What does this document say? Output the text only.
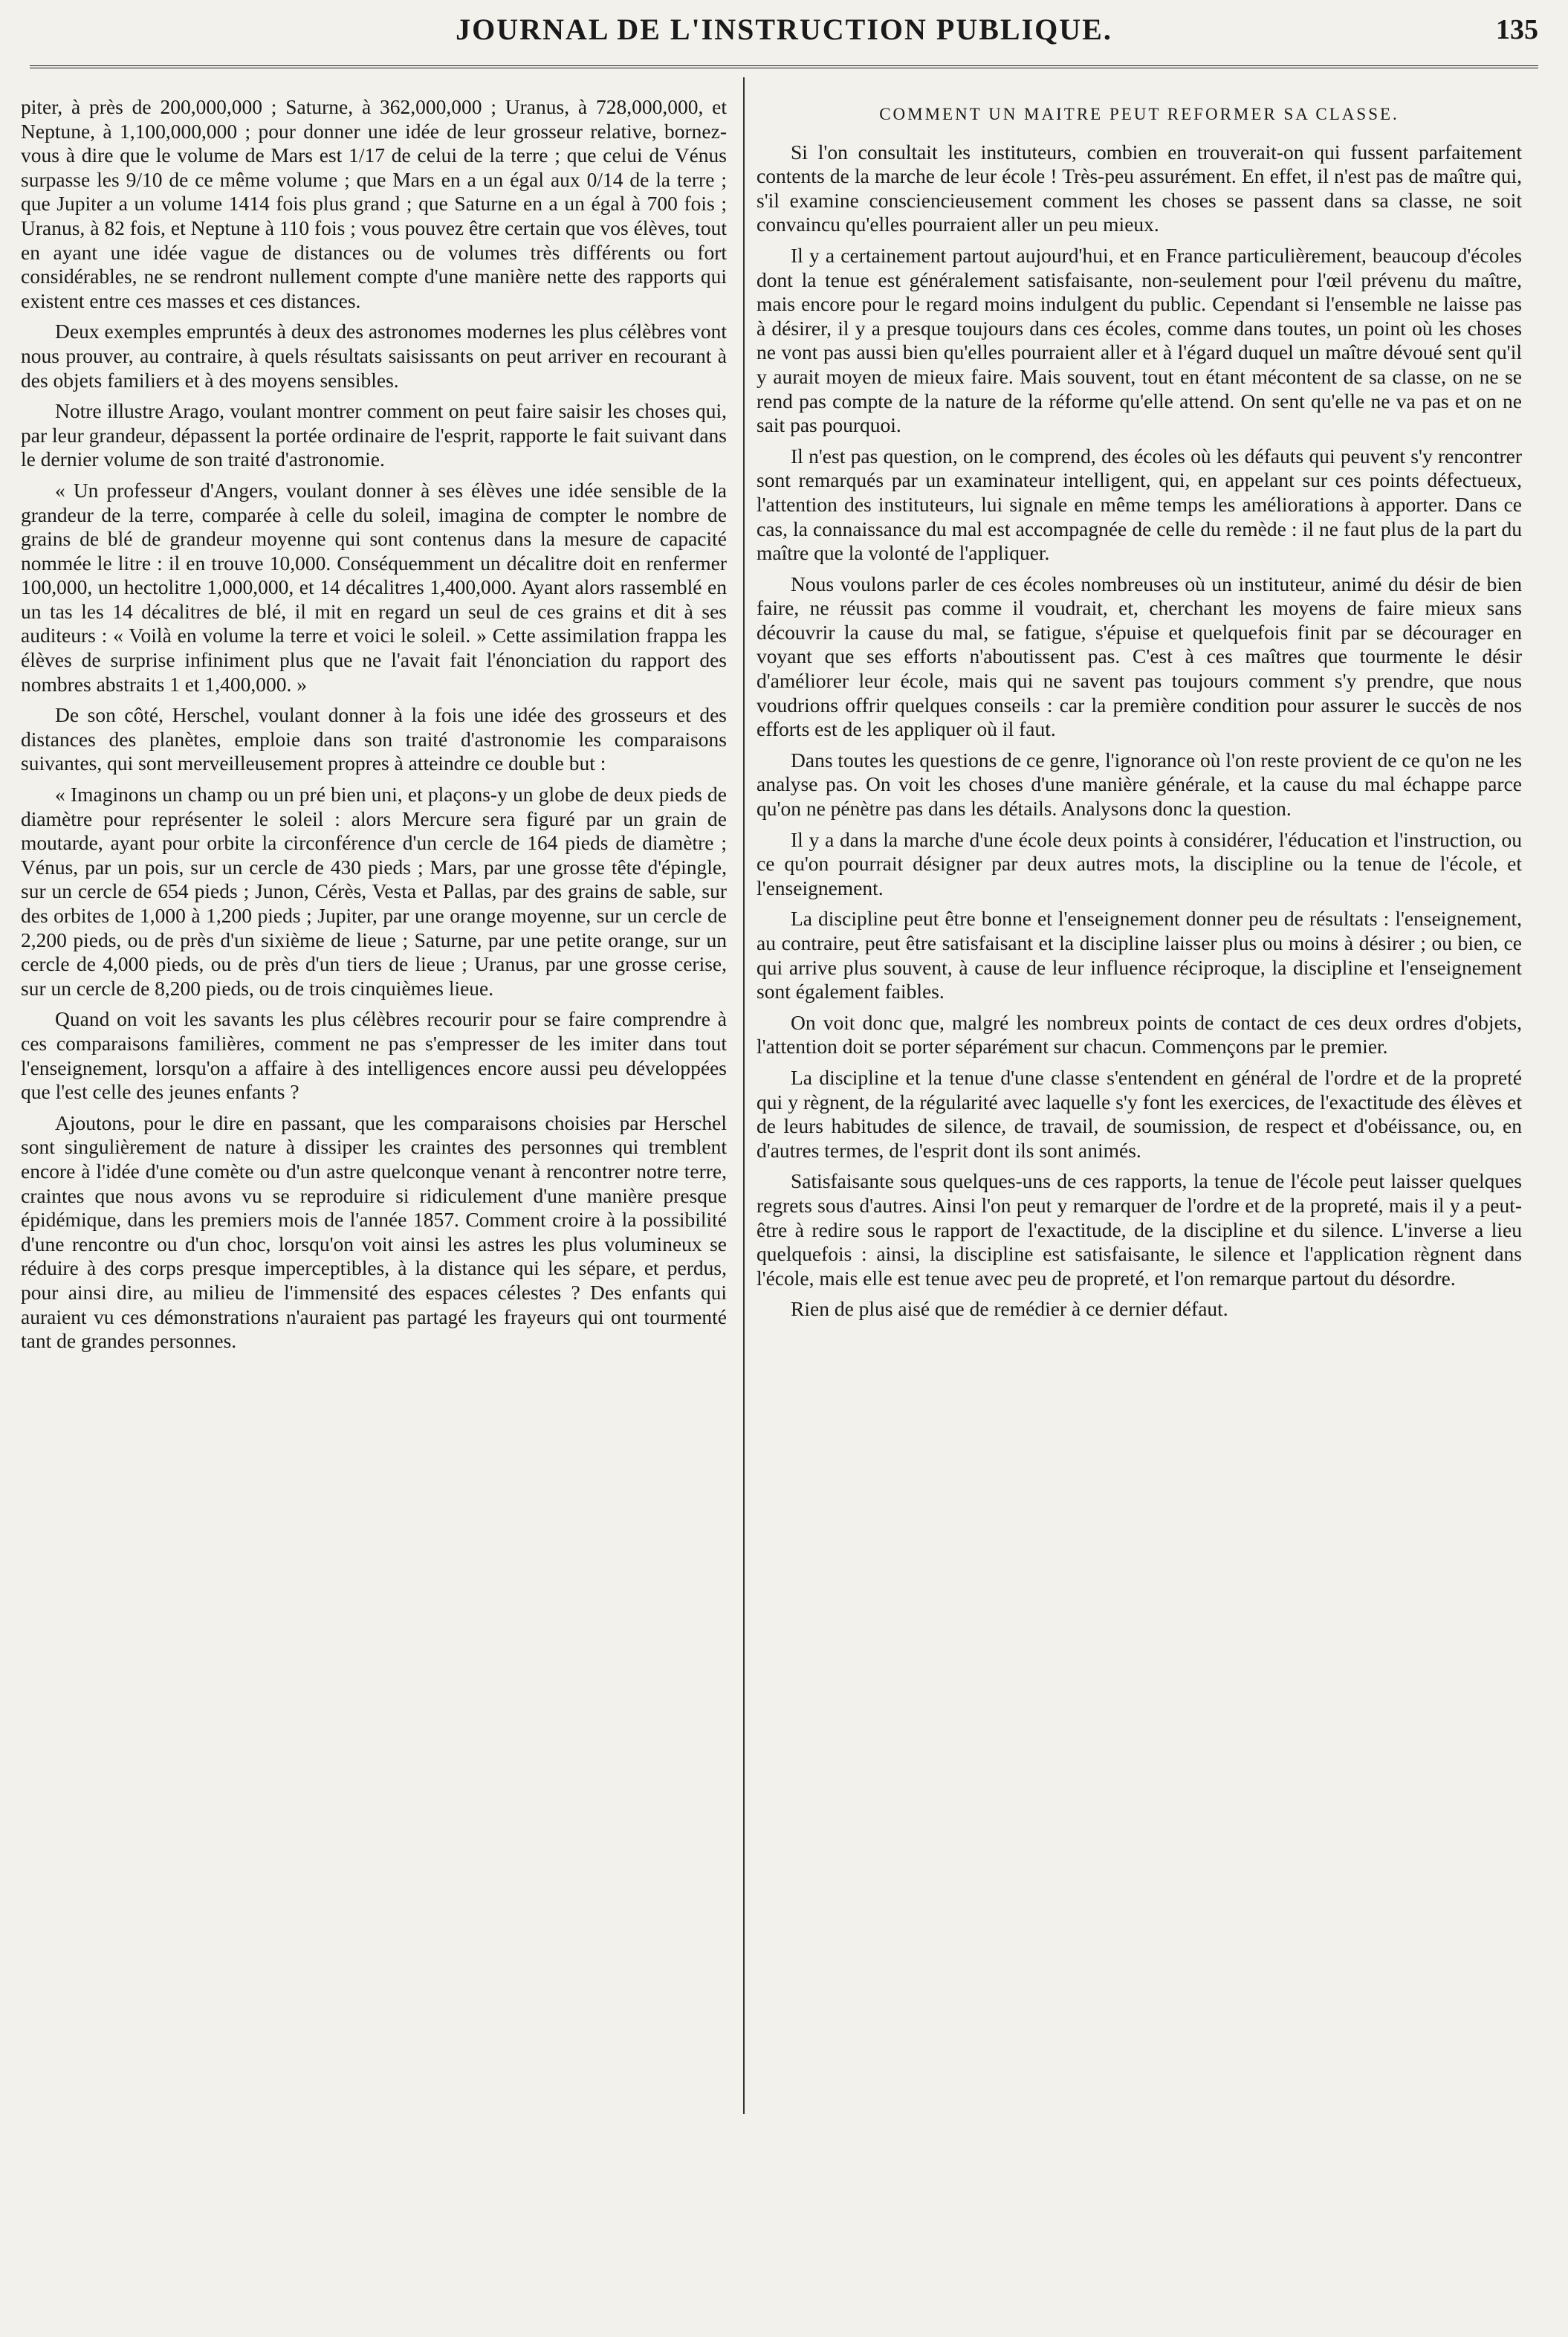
JOURNAL DE L'INSTRUCTION PUBLIQUE.	135

piter, à près de 200,000,000 ; Saturne, à 362,000,000 ; Uranus, à 728,000,000, et Neptune, à 1,100,000,000 ; pour donner une idée de leur grosseur relative, bornez-vous à dire que le volume de Mars est 1/17 de celui de la terre ; que celui de Vénus surpasse les 9/10 de ce même volume ; que Mars en a un égal aux 0/14 de la terre ; que Jupiter a un volume 1414 fois plus grand ; que Saturne en a un égal à 700 fois ; Uranus, à 82 fois, et Neptune à 110 fois ; vous pouvez être certain que vos élèves, tout en ayant une idée vague de distances ou de volumes très différents ou fort considérables, ne se rendront nullement compte d'une manière nette des rapports qui existent entre ces masses et ces distances.

Deux exemples empruntés à deux des astronomes modernes les plus célèbres vont nous prouver, au contraire, à quels résultats saisissants on peut arriver en recourant à des objets familiers et à des moyens sensibles.

Notre illustre Arago, voulant montrer comment on peut faire saisir les choses qui, par leur grandeur, dépassent la portée ordinaire de l'esprit, rapporte le fait suivant dans le dernier volume de son traité d'astronomie.

« Un professeur d'Angers, voulant donner à ses élèves une idée sensible de la grandeur de la terre, comparée à celle du soleil, imagina de compter le nombre de grains de blé de grandeur moyenne qui sont contenus dans la mesure de capacité nommée le litre : il en trouve 10,000. Conséquemment un décalitre doit en renfermer 100,000, un hectolitre 1,000,000, et 14 décalitres 1,400,000. Ayant alors rassemblé en un tas les 14 décalitres de blé, il mit en regard un seul de ces grains et dit à ses auditeurs : « Voilà en volume la terre et voici le soleil. » Cette assimilation frappa les élèves de surprise infiniment plus que ne l'avait fait l'énonciation du rapport des nombres abstraits 1 et 1,400,000. »

De son côté, Herschel, voulant donner à la fois une idée des grosseurs et des distances des planètes, emploie dans son traité d'astronomie les comparaisons suivantes, qui sont merveilleusement propres à atteindre ce double but :

« Imaginons un champ ou un pré bien uni, et plaçons-y un globe de deux pieds de diamètre pour représenter le soleil : alors Mercure sera figuré par un grain de moutarde, ayant pour orbite la circonférence d'un cercle de 164 pieds de diamètre ; Vénus, par un pois, sur un cercle de 430 pieds ; Mars, par une grosse tête d'épingle, sur un cercle de 654 pieds ; Junon, Cérès, Vesta et Pallas, par des grains de sable, sur des orbites de 1,000 à 1,200 pieds ; Jupiter, par une orange moyenne, sur un cercle de 2,200 pieds, ou de près d'un sixième de lieue ; Saturne, par une petite orange, sur un cercle de 4,000 pieds, ou de près d'un tiers de lieue ; Uranus, par une grosse cerise, sur un cercle de 8,200 pieds, ou de trois cinquièmes lieue.

Quand on voit les savants les plus célèbres recourir pour se faire comprendre à ces comparaisons familières, comment ne pas s'empresser de les imiter dans tout l'enseignement, lorsqu'on a affaire à des intelligences encore aussi peu développées que l'est celle des jeunes enfants ?

Ajoutons, pour le dire en passant, que les comparaisons choisies par Herschel sont singulièrement de nature à dissiper les craintes des personnes qui tremblent encore à l'idée d'une comète ou d'un astre quelconque venant à rencontrer notre terre, craintes que nous avons vu se reproduire si ridiculement d'une manière presque épidémique, dans les premiers mois de l'année 1857. Comment croire à la possibilité d'une rencontre ou d'un choc, lorsqu'on voit ainsi les astres les plus volumineux se réduire à des corps presque imperceptibles, à la distance qui les sépare, et perdus, pour ainsi dire, au milieu de l'immensité des espaces célestes ? Des enfants qui auraient vu ces démonstrations n'auraient pas partagé les frayeurs qui ont tourmenté tant de grandes personnes.

COMMENT UN MAITRE PEUT REFORMER SA CLASSE.

Si l'on consultait les instituteurs, combien en trouverait-on qui fussent parfaitement contents de la marche de leur école ! Très-peu assurément. En effet, il n'est pas de maître qui, s'il examine consciencieusement comment les choses se passent dans sa classe, ne soit convaincu qu'elles pourraient aller un peu mieux.

Il y a certainement partout aujourd'hui, et en France particulièrement, beaucoup d'écoles dont la tenue est généralement satisfaisante, non-seulement pour l'œil prévenu du maître, mais encore pour le regard moins indulgent du public. Cependant si l'ensemble ne laisse pas à désirer, il y a presque toujours dans ces écoles, comme dans toutes, un point où les choses ne vont pas aussi bien qu'elles pourraient aller et à l'égard duquel un maître dévoué sent qu'il y aurait moyen de mieux faire. Mais souvent, tout en étant mécontent de sa classe, on ne se rend pas compte de la nature de la réforme qu'elle attend. On sent qu'elle ne va pas et on ne sait pas pourquoi.

Il n'est pas question, on le comprend, des écoles où les défauts qui peuvent s'y rencontrer sont remarqués par un examinateur intelligent, qui, en appelant sur ces points défectueux, l'attention des instituteurs, lui signale en même temps les améliorations à apporter. Dans ce cas, la connaissance du mal est accompagnée de celle du remède : il ne faut plus de la part du maître que la volonté de l'appliquer.

Nous voulons parler de ces écoles nombreuses où un instituteur, animé du désir de bien faire, ne réussit pas comme il voudrait, et, cherchant les moyens de faire mieux sans découvrir la cause du mal, se fatigue, s'épuise et quelquefois finit par se décourager en voyant que ses efforts n'aboutissent pas. C'est à ces maîtres que tourmente le désir d'améliorer leur école, mais qui ne savent pas toujours comment s'y prendre, que nous voudrions offrir quelques conseils : car la première condition pour assurer le succès de nos efforts est de les appliquer où il faut.

Dans toutes les questions de ce genre, l'ignorance où l'on reste provient de ce qu'on ne les analyse pas. On voit les choses d'une manière générale, et la cause du mal échappe parce qu'on ne pénètre pas dans les détails. Analysons donc la question.

Il y a dans la marche d'une école deux points à considérer, l'éducation et l'instruction, ou ce qu'on pourrait désigner par deux autres mots, la discipline ou la tenue de l'école, et l'enseignement.

La discipline peut être bonne et l'enseignement donner peu de résultats : l'enseignement, au contraire, peut être satisfaisant et la discipline laisser plus ou moins à désirer ; ou bien, ce qui arrive plus souvent, à cause de leur influence réciproque, la discipline et l'enseignement sont également faibles.

On voit donc que, malgré les nombreux points de contact de ces deux ordres d'objets, l'attention doit se porter séparément sur chacun. Commençons par le premier.

La discipline et la tenue d'une classe s'entendent en général de l'ordre et de la propreté qui y règnent, de la régularité avec laquelle s'y font les exercices, de l'exactitude des élèves et de leurs habitudes de silence, de travail, de soumission, de respect et d'obéissance, ou, en d'autres termes, de l'esprit dont ils sont animés.

Satisfaisante sous quelques-uns de ces rapports, la tenue de l'école peut laisser quelques regrets sous d'autres. Ainsi l'on peut y remarquer de l'ordre et de la propreté, mais il y a peut-être à redire sous le rapport de l'exactitude, de la discipline et du silence. L'inverse a lieu quelquefois : ainsi, la discipline est satisfaisante, le silence et l'application règnent dans l'école, mais elle est tenue avec peu de propreté, et l'on remarque partout du désordre.

Rien de plus aisé que de remédier à ce dernier défaut.
